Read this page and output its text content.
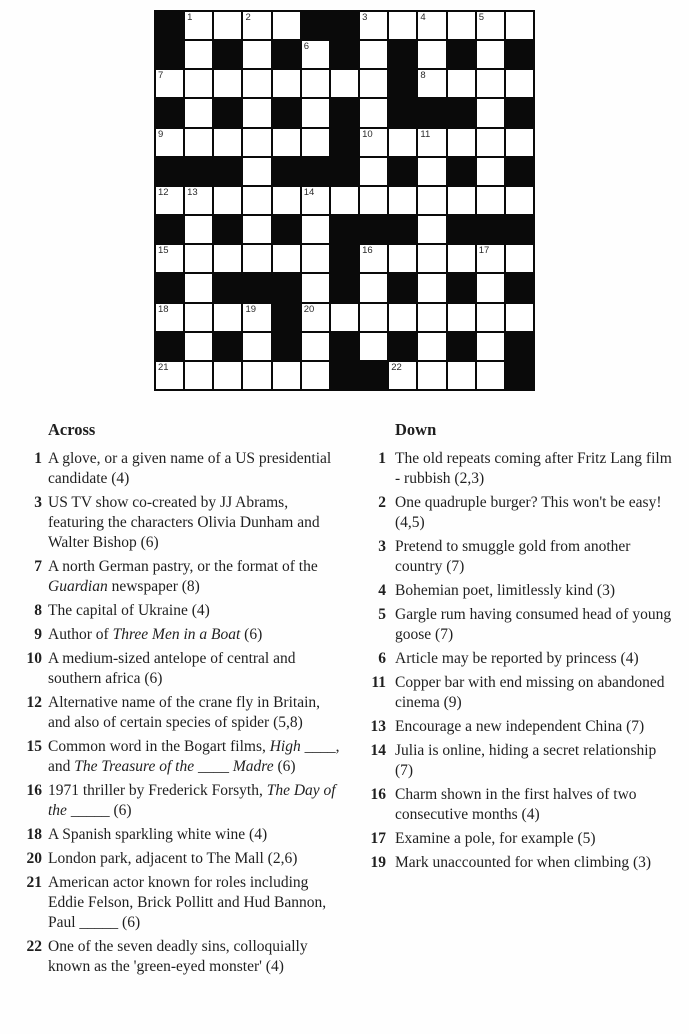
1	2	3	4	5
6
7	8
9	10	11
12 13	14
15	16	17
18	19	20
21	22
Across
1 A glove, or a given name of a US presidential candidate (4)
3 US TV show co-created by JJ Abrams, featuring the characters Olivia Dunham and Walter Bishop (6)
7 A north German pastry, or the format of the Guardian newspaper (8)
8 The capital of Ukraine (4)
9 Author of Three Men in a Boat (6)
10 A medium-sized antelope of central and southern africa (6)
12 Alternative name of the crane fly in Britain, and also of certain species of spider (5,8)
15 Common word in the Bogart films, High ____, and The Treasure of the ____ Madre (6)
16 1971 thriller by Frederick Forsyth, The Day of the _____ (6)
18 A Spanish sparkling white wine (4)
20 London park, adjacent to The Mall (2,6)
21 American actor known for roles including Eddie Felson, Brick Pollitt and Hud Bannon, Paul _____ (6)
22 One of the seven deadly sins, colloquially known as the 'green-eyed monster' (4)
Down
1 The old repeats coming after Fritz Lang film - rubbish (2,3)
2 One quadruple burger? This won't be easy! (4,5)
3 Pretend to smuggle gold from another country (7)
4 Bohemian poet, limitlessly kind (3)
5 Gargle rum having consumed head of young goose (7)
6 Article may be reported by princess (4)
11 Copper bar with end missing on abandoned cinema (9)
13 Encourage a new independent China (7)
14 Julia is online, hiding a secret relationship (7)
16 Charm shown in the first halves of two consecutive months (4)
17 Examine a pole, for example (5)
19 Mark unaccounted for when climbing (3)
